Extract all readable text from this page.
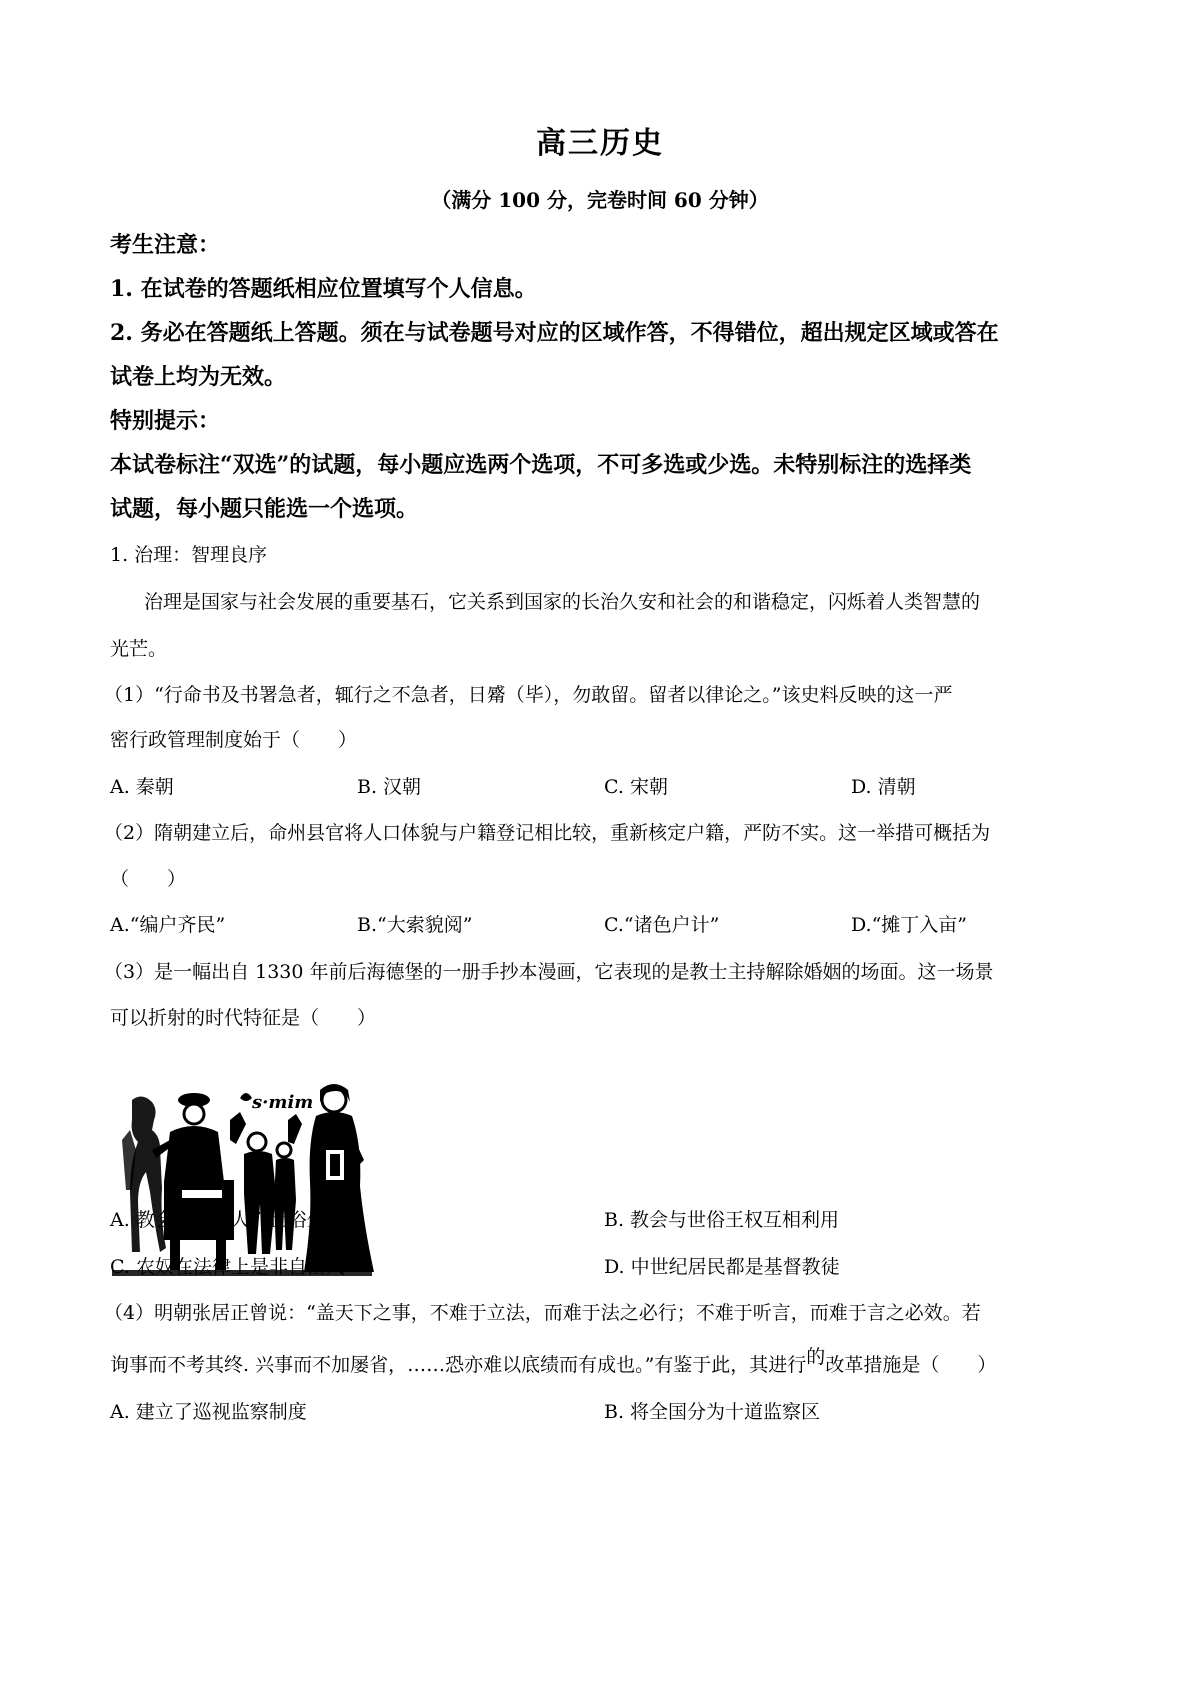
高三历史
（满分 100 分，完卷时间 60 分钟）
考生注意：
1. 在试卷的答题纸相应位置填写个人信息。
2. 务必在答题纸上答题。须在与试卷题号对应的区域作答，不得错位，超出规定区域或答在
试卷上均为无效。
特别提示：
本试卷标注“双选”的试题，每小题应选两个选项，不可多选或少选。未特别标注的选择类
试题，每小题只能选一个选项。
1. 治理：智理良序
治理是国家与社会发展的重要基石，它关系到国家的长治久安和社会的和谐稳定，闪烁着人类智慧的
光芒。
（1）“行命书及书署急者，辄行之不急者，日觱（毕），勿敢留。留者以律论之。”该史料反映的这一严
密行政管理制度始于（　　）
A. 秦朝	B. 汉朝	C. 宋朝	D. 清朝
（2）隋朝建立后，命州县官将人口体貌与户籍登记相比较，重新核定户籍，严防不实。这一举措可概括为
（　　）
A.“编户齐民”	B.“大索貌阅”	C.“诸色户计”	D.“摊丁入亩”
（3）是一幅出自 1330 年前后海德堡的一册手抄本漫画，它表现的是教士主持解除婚姻的场面。这一场景
可以折射的时代特征是（　　）
s·mim
A. 教会控制着人们世俗生活	B. 教会与世俗王权互相利用
C. 农奴在法律上是非自由人	D. 中世纪居民都是基督教徒
（4）明朝张居正曾说：“盖天下之事，不难于立法，而难于法之必行；不难于听言，而难于言之必效。若
询事而不考其终. 兴事而不加屡省，……恐亦难以底绩而有成也。”有鉴于此，其进行的改革措施是（　　）
A. 建立了巡视监察制度	B. 将全国分为十道监察区
